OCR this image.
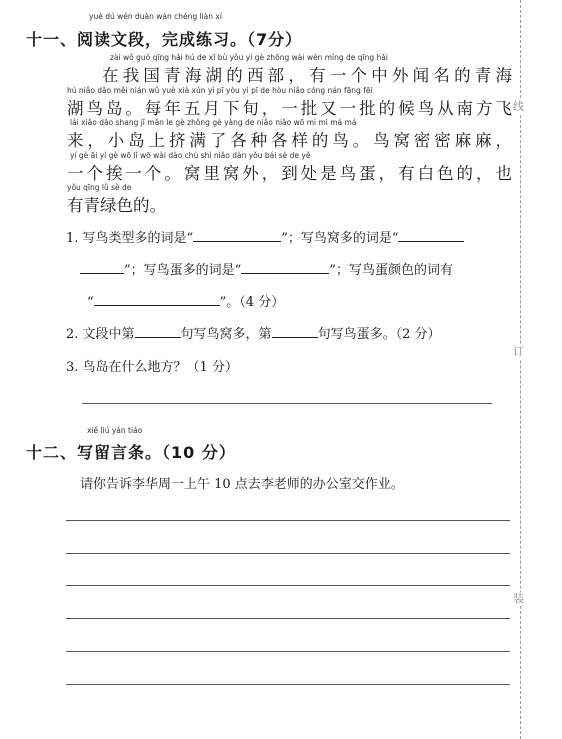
yuè dú wén duàn wán chéng liàn xí
十一、阅读文段，完成练习。（7分）
zài wǒ guó qīng hǎi hú de xī bù yǒu yí gè zhōng wài wén míng de qīng hǎi
在我国青海湖的西部，有一个中外闻名的青海
hú niǎo dǎo měi nián wǔ yuè xià xún yì pī yòu yì pī de hòu niǎo cóng nán fāng fēi
湖鸟岛。每年五月下旬，一批又一批的候鸟从南方飞
lái xiǎo dǎo shang jǐ mǎn le gè zhǒng gè yàng de niǎo niǎo wō mì mì má má
来，小岛上挤满了各种各样的鸟。鸟窝密密麻麻，
yí gè āi yí gè wō lǐ wō wài dào chù shì niǎo dàn yǒu bái sè de yě
一个挨一个。窝里窝外，到处是鸟蛋，有白色的，也
yǒu qīng lǜ sè de
有青绿色的。
1. 写鸟类型多的词是“	”；写鸟窝多的词是“
”；写鸟蛋多的词是“	”；写鸟蛋颜色的词有
“	”。（4 分）
2. 文段中第	句写鸟窝多，第	句写鸟蛋多。（2 分）
3. 鸟岛在什么地方？（1 分）
xiě liú yán tiáo
十二、写留言条。（10 分）
请你告诉李华周一上午 10 点去李老师的办公室交作业。
线
订
装
